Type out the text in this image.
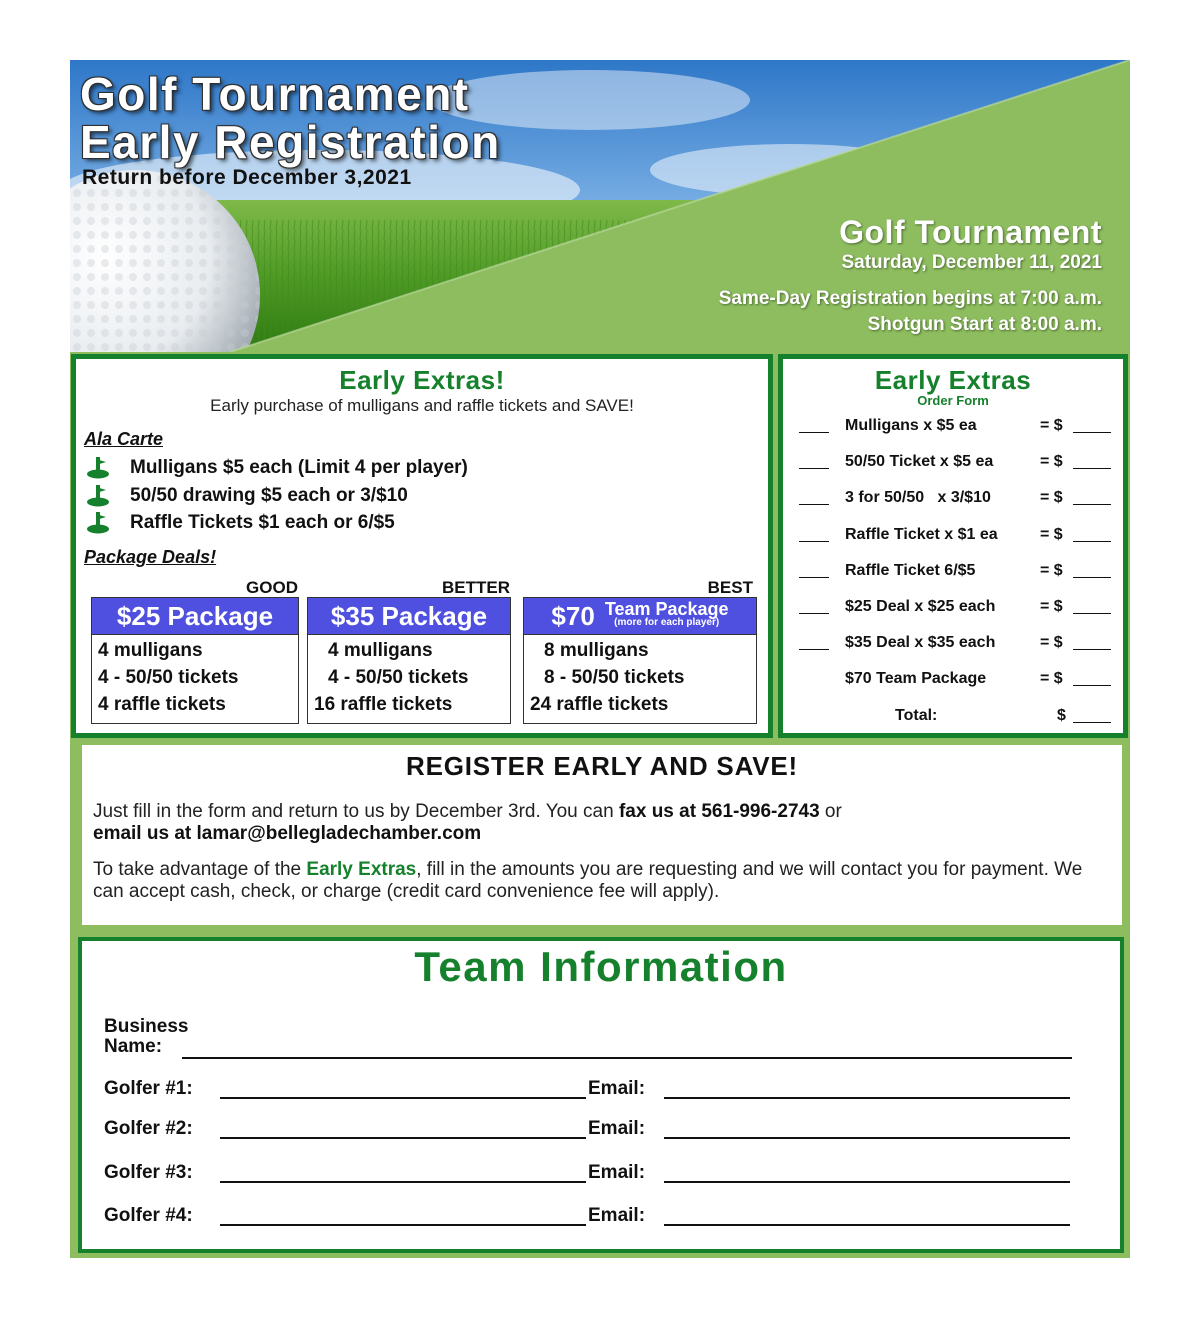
Golf Tournament
Early Registration
Return before December 3,2021
Golf Tournament
Saturday, December 11, 2021
Same-Day Registration begins at 7:00 a.m.
Shotgun Start at 8:00 a.m.
Early Extras!
Early purchase of mulligans and raffle tickets and SAVE!
Ala Carte
Mulligans $5 each (Limit 4 per player)
50/50 drawing $5 each or 3/$10
Raffle Tickets $1 each or 6/$5
Package Deals!
GOOD	BETTER	BEST
$25 Package
4 mulligans
4 - 50/50 tickets
4 raffle tickets
$35 Package
4 mulligans
4 - 50/50 tickets
16 raffle tickets
$70 Team Package
(more for each player)
8 mulligans
8 - 50/50 tickets
24 raffle tickets
Early Extras
Order Form
Mulligans x $5 ea	= $
50/50 Ticket x $5 ea	= $
3 for 50/50   x 3/$10	= $
Raffle Ticket x $1 ea	= $
Raffle Ticket 6/$5	= $
$25 Deal x $25 each	= $
$35 Deal x $35 each	= $
$70 Team Package	= $
Total:	$
REGISTER EARLY AND SAVE!
Just fill in the form and return to us by December 3rd. You can fax us at 561-996-2743 or
email us at lamar@bellegladechamber.com
To take advantage of the Early Extras, fill in the amounts you are requesting and we will contact you for payment. We can accept cash, check, or charge (credit card convenience fee will apply).
Team Information
Business
Name:
Golfer #1:	Email:
Golfer #2:	Email:
Golfer #3:	Email:
Golfer #4:	Email:
